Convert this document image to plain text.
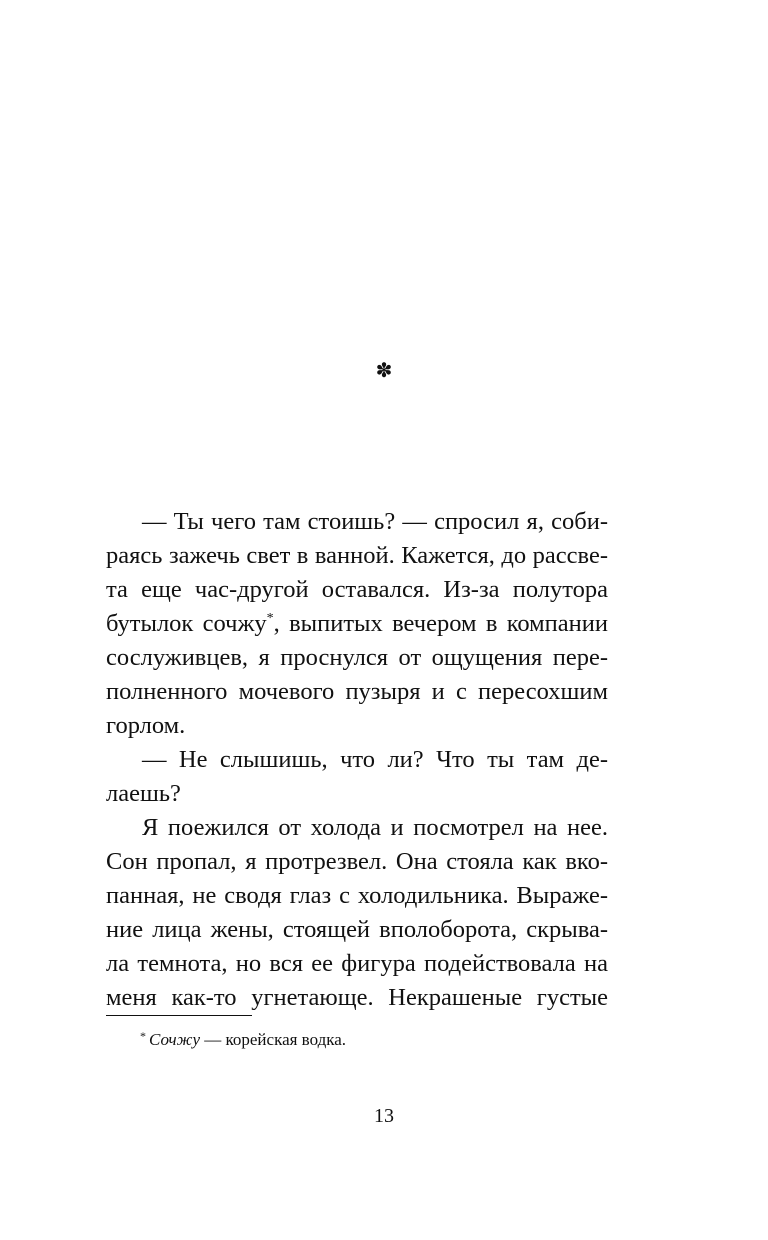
✽
— Ты чего там стоишь? — спросил я, соби-
раясь зажечь свет в ванной. Кажется, до рассве-
та еще час-другой оставался. Из-за полутора
бутылок сочжу*, выпитых вечером в компании
сослуживцев, я проснулся от ощущения пере-
полненного мочевого пузыря и с пересохшим
горлом.
— Не слышишь, что ли? Что ты там де-
лаешь?
Я поежился от холода и посмотрел на нее.
Сон пропал, я протрезвел. Она стояла как вко-
панная, не сводя глаз с холодильника. Выраже-
ние лица жены, стоящей вполоборота, скрыва-
ла темнота, но вся ее фигура подействовала на
меня как-то угнетающе. Некрашеные густые
* Сочжу — корейская водка.
13
